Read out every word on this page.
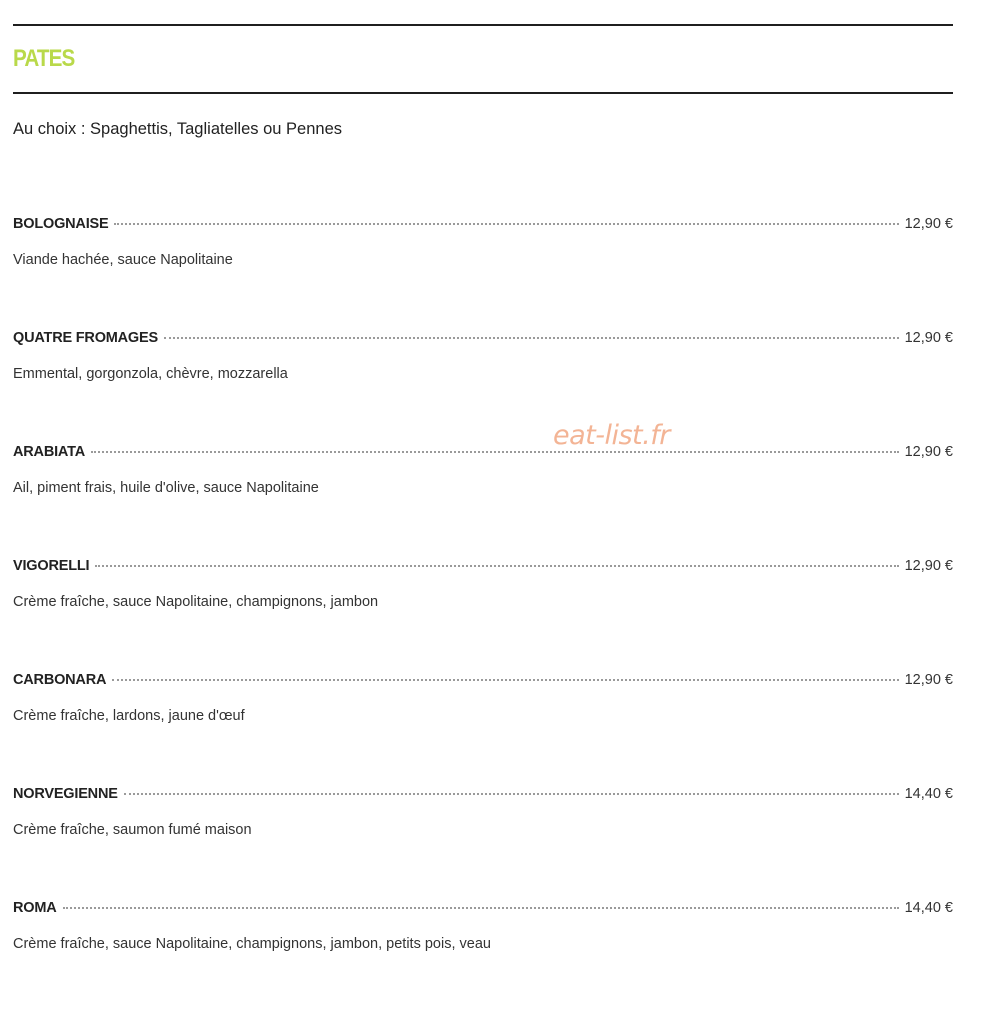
PATES
Au choix : Spaghettis, Tagliatelles ou Pennes
BOLOGNAISE	12,90 €
Viande hachée, sauce Napolitaine
QUATRE FROMAGES	12,90 €
Emmental, gorgonzola, chèvre, mozzarella
ARABIATA	12,90 €
Ail, piment frais, huile d'olive, sauce Napolitaine
VIGORELLI	12,90 €
Crème fraîche, sauce Napolitaine, champignons, jambon
CARBONARA	12,90 €
Crème fraîche, lardons, jaune d'œuf
NORVEGIENNE	14,40 €
Crème fraîche, saumon fumé maison
ROMA	14,40 €
Crème fraîche, sauce Napolitaine, champignons, jambon, petits pois, veau
eat-list.fr
